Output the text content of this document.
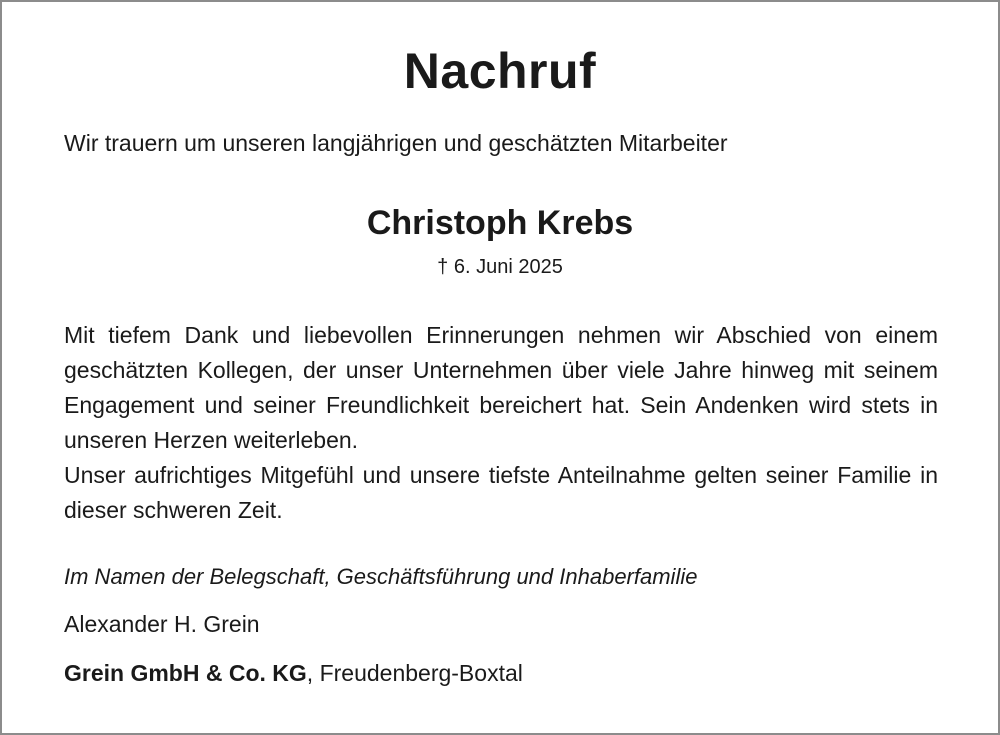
Nachruf
Wir trauern um unseren langjährigen und geschätzten Mitarbeiter
Christoph Krebs
† 6. Juni 2025

Mit tiefem Dank und liebevollen Erinnerungen nehmen wir Abschied von einem geschätzten Kollegen, der unser Unternehmen über viele Jahre hinweg mit seinem Engagement und seiner Freundlichkeit bereichert hat. Sein Andenken wird stets in unseren Herzen weiterleben.

Unser aufrichtiges Mitgefühl und unsere tiefste Anteilnahme gelten seiner Familie in dieser schweren Zeit.

Im Namen der Belegschaft, Geschäftsführung und Inhaberfamilie
Alexander H. Grein
Grein GmbH & Co. KG, Freudenberg-Boxtal
